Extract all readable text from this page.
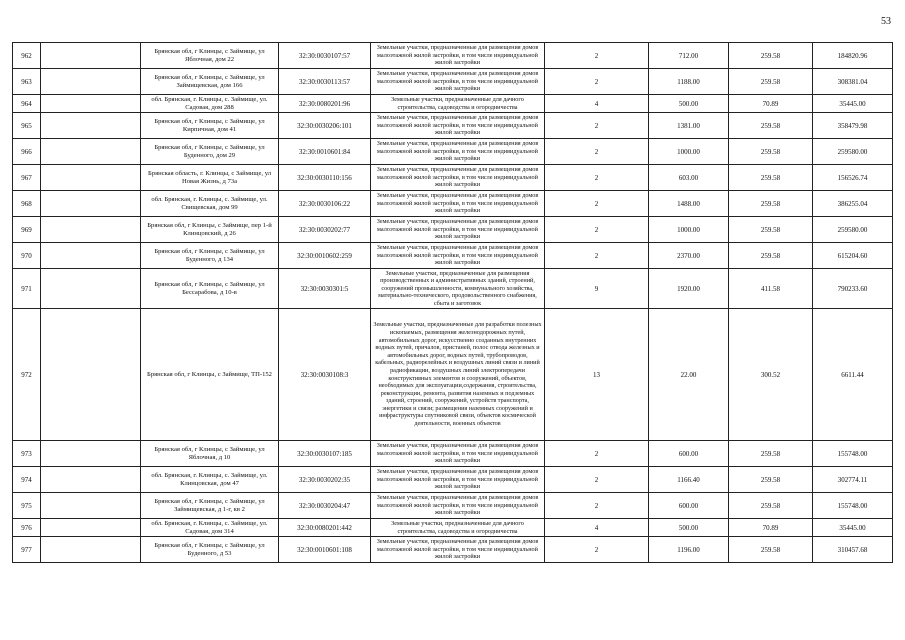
53
962		Брянская обл, г Клинцы, с Займище, ул Яблочная, дом 22	32:30:0030107:57	Земельные участки, предназначенные для размещения домов малоэтажной жилой застройки, в том числе индивидуальной жилой застройки	2	712.00	259.58	184820.96
963		Брянская обл, г Клинцы, с Займище, ул Займищевская, дом 166	32:30:0030113:57	Земельные участки, предназначенные для размещения домов малоэтажной жилой застройки, в том числе индивидуальной жилой застройки	2	1188.00	259.58	308381.04
964		обл. Брянская, г. Клинцы, с. Займище, ул. Садовая, дом 288	32:30:0080201:96	Земельные участки, предназначенные для дачного строительства, садоводства и огородничества	4	500.00	70.89	35445.00
965		Брянская обл, г Клинцы, с Займище, ул Кирпичная, дом 41	32:30:0030206:101	Земельные участки, предназначенные для размещения домов малоэтажной жилой застройки, в том числе индивидуальной жилой застройки	2	1381.00	259.58	358479.98
966		Брянская обл, г Клинцы, с Займище, ул Буденного, дом 29	32:30:0010601:84	Земельные участки, предназначенные для размещения домов малоэтажной жилой застройки, в том числе индивидуальной жилой застройки	2	1000.00	259.58	259580.00
967		Брянская область, г. Клинцы, с Займище, ул Новая Жизнь, д 73а	32:30:0030110:156	Земельные участки, предназначенные для размещения домов малоэтажной жилой застройки, в том числе индивидуальной жилой застройки	2	603.00	259.58	156526.74
968		обл. Брянская, г. Клинцы, с. Займище, ул. Свищевская, дом 99	32:30:0030106:22	Земельные участки, предназначенные для размещения домов малоэтажной жилой застройки, в том числе индивидуальной жилой застройки	2	1488.00	259.58	386255.04
969		Брянская обл, г Клинцы, с Займище, пер 1-й Клинцовский, д 26	32:30:0030202:77	Земельные участки, предназначенные для размещения домов малоэтажной жилой застройки, в том числе индивидуальной жилой застройки	2	1000.00	259.58	259580.00
970		Брянская обл, г Клинцы, с Займище, ул Буденного, д 134	32:30:0010602:259	Земельные участки, предназначенные для размещения домов малоэтажной жилой застройки, в том числе индивидуальной жилой застройки	2	2370.00	259.58	615204.60
971		Брянская обл, г Клинцы, с Займище, ул Бессарабова, д 10-в	32:30:0030301:5	Земельные участки, предназначенные для размещения производственных и административных зданий, строений, сооружений промышленности, коммунального хозяйства, материально-технического, продовольственного снабжения, сбыта и заготовок	9	1920.00	411.58	790233.60
972		Брянская обл, г Клинцы, с Займище, ТП-152	32:30:0030108:3	Земельные участки, предназначенные для разработки полезных ископаемых, размещения железнодорожных путей, автомобильных дорог, искусственно созданных внутренних водных путей, причалов, пристаней, полос отвода железных и автомобильных дорог, водных путей, трубопроводов, кабельных, радиорелейных и воздушных линий связи и линий радиофикации, воздушных линий электропередачи конструктивных элементов и сооружений, объектов, необходимых для эксплуатации,содержания, строительства, реконструкции, ремонта, развития наземных и подземных зданий, строений, сооружений, устройств транспорта, энергетики и связи; размещения наземных сооружений и инфраструктуры спутниковой связи, объектов космической деятельности, военных объектов	13	22.00	300.52	6611.44
973		Брянская обл, г Клинцы, с Займище, ул Яблочная, д 10	32:30:0030107:185	Земельные участки, предназначенные для размещения домов малоэтажной жилой застройки, в том числе индивидуальной жилой застройки	2	600.00	259.58	155748.00
974		обл. Брянская, г. Клинцы, с. Займище, ул. Клинцовская, дом 47	32:30:0030202:35	Земельные участки, предназначенные для размещения домов малоэтажной жилой застройки, в том числе индивидуальной жилой застройки	2	1166.40	259.58	302774.11
975		Брянская обл, г Клинцы, с Займище, ул Займищевская, д 1-г, кв 2	32:30:0030204:47	Земельные участки, предназначенные для размещения домов малоэтажной жилой застройки, в том числе индивидуальной жилой застройки	2	600.00	259.58	155748.00
976		обл. Брянская, г. Клинцы, с. Займище, ул. Садовая, дом 314	32:30:0080201:442	Земельные участки, предназначенные для дачного строительства, садоводства и огородничества	4	500.00	70.89	35445.00
977		Брянская обл, г Клинцы, с Займище, ул Буденного, д 53	32:30:0010601:108	Земельные участки, предназначенные для размещения домов малоэтажной жилой застройки, в том числе индивидуальной жилой застройки	2	1196.00	259.58	310457.68
